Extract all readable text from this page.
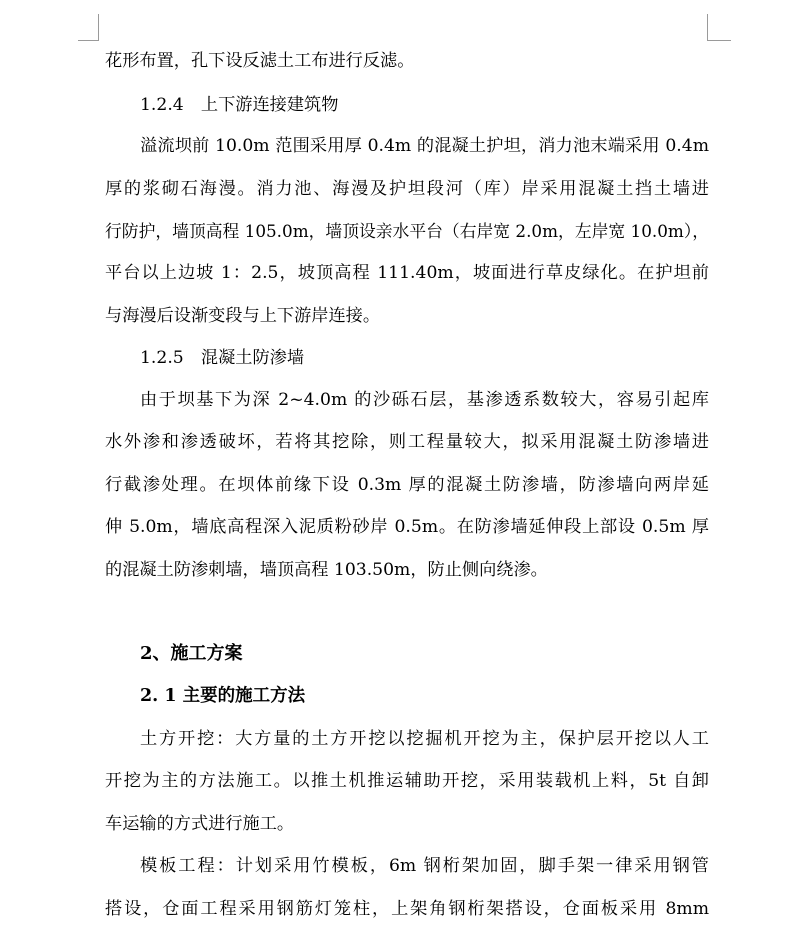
花形布置，孔下设反滤土工布进行反滤。
1.2.4　上下游连接建筑物
溢流坝前 10.0m 范围采用厚 0.4m 的混凝土护坦，消力池末端采用 0.4m
厚的浆砌石海漫。消力池、海漫及护坦段河（库）岸采用混凝土挡土墙进
行防护，墙顶高程 105.0m，墙顶设亲水平台（右岸宽 2.0m，左岸宽 10.0m），
平台以上边坡 1：2.5，坡顶高程 111.40m，坡面进行草皮绿化。在护坦前
与海漫后设渐变段与上下游岸连接。
1.2.5　混凝土防渗墙
由于坝基下为深 2~4.0m 的沙砾石层，基渗透系数较大，容易引起库
水外渗和渗透破坏，若将其挖除，则工程量较大，拟采用混凝土防渗墙进
行截渗处理。在坝体前缘下设 0.3m 厚的混凝土防渗墙，防渗墙向两岸延
伸 5.0m，墙底高程深入泥质粉砂岸 0.5m。在防渗墙延伸段上部设 0.5m 厚
的混凝土防渗刺墙，墙顶高程 103.50m，防止侧向绕渗。
2、施工方案
2. 1 主要的施工方法
土方开挖：大方量的土方开挖以挖掘机开挖为主，保护层开挖以人工
开挖为主的方法施工。以推土机推运辅助开挖，采用装载机上料，5t 自卸
车运输的方式进行施工。
模板工程：计划采用竹模板，6m 钢桁架加固，脚手架一律采用钢管
搭设，仓面工程采用钢筋灯笼柱，上架角钢桁架搭设，仓面板采用 8mm
